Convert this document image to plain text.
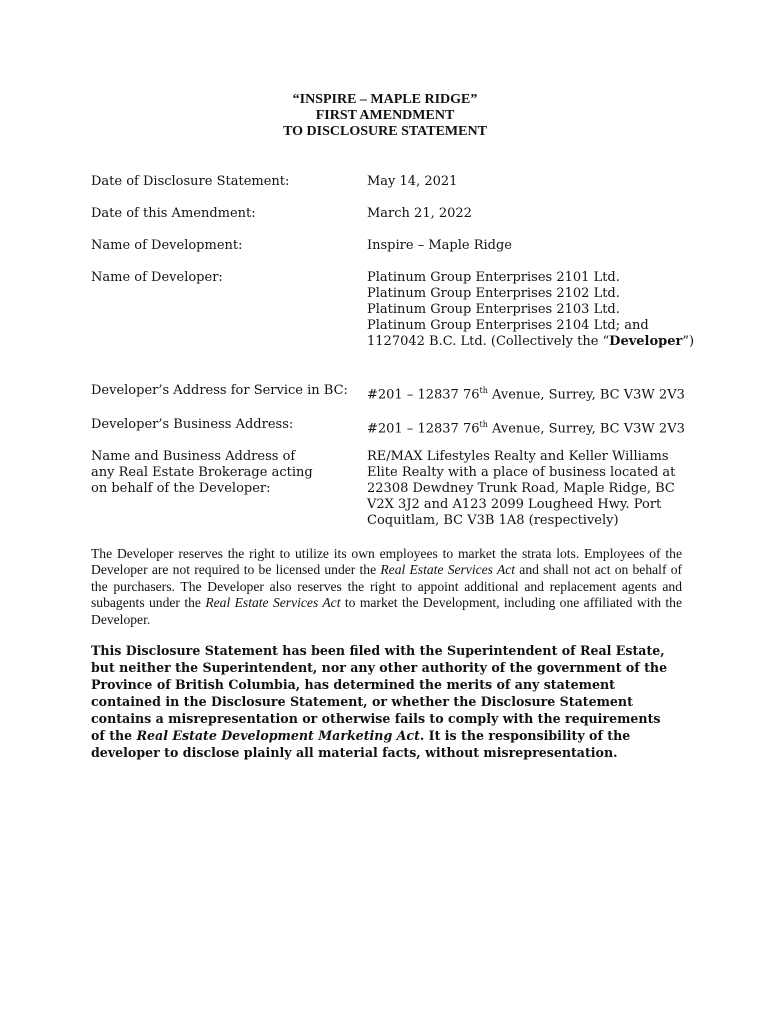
“INSPIRE – MAPLE RIDGE”
FIRST AMENDMENT
TO DISCLOSURE STATEMENT
Date of Disclosure Statement:	May 14, 2021
Date of this Amendment:	March 21, 2022
Name of Development:	Inspire – Maple Ridge
Name of Developer:	Platinum Group Enterprises 2101 Ltd.
Platinum Group Enterprises 2102 Ltd.
Platinum Group Enterprises 2103 Ltd.
Platinum Group Enterprises 2104 Ltd; and
1127042 B.C. Ltd. (Collectively the “Developer”)
Developer’s Address for Service in BC: #201 – 12837 76th Avenue, Surrey, BC V3W 2V3
Developer’s Business Address:	#201 – 12837 76th Avenue, Surrey, BC V3W 2V3
Name and Business Address of
any Real Estate Brokerage acting
on behalf of the Developer:
RE/MAX Lifestyles Realty and Keller Williams
Elite Realty with a place of business located at
22308 Dewdney Trunk Road, Maple Ridge, BC
V2X 3J2 and A123 2099 Lougheed Hwy. Port
Coquitlam, BC V3B 1A8 (respectively)

The Developer reserves the right to utilize its own employees to market the strata lots. Employees of the Developer are not required to be licensed under the Real Estate Services Act and shall not act on behalf of the purchasers. The Developer also reserves the right to appoint additional and replacement agents and subagents under the Real Estate Services Act to market the Development, including one affiliated with the Developer.

This Disclosure Statement has been filed with the Superintendent of Real Estate,
but neither the Superintendent, nor any other authority of the government of the
Province of British Columbia, has determined the merits of any statement
contained in the Disclosure Statement, or whether the Disclosure Statement
contains a misrepresentation or otherwise fails to comply with the requirements
of the Real Estate Development Marketing Act. It is the responsibility of the
developer to disclose plainly all material facts, without misrepresentation.
